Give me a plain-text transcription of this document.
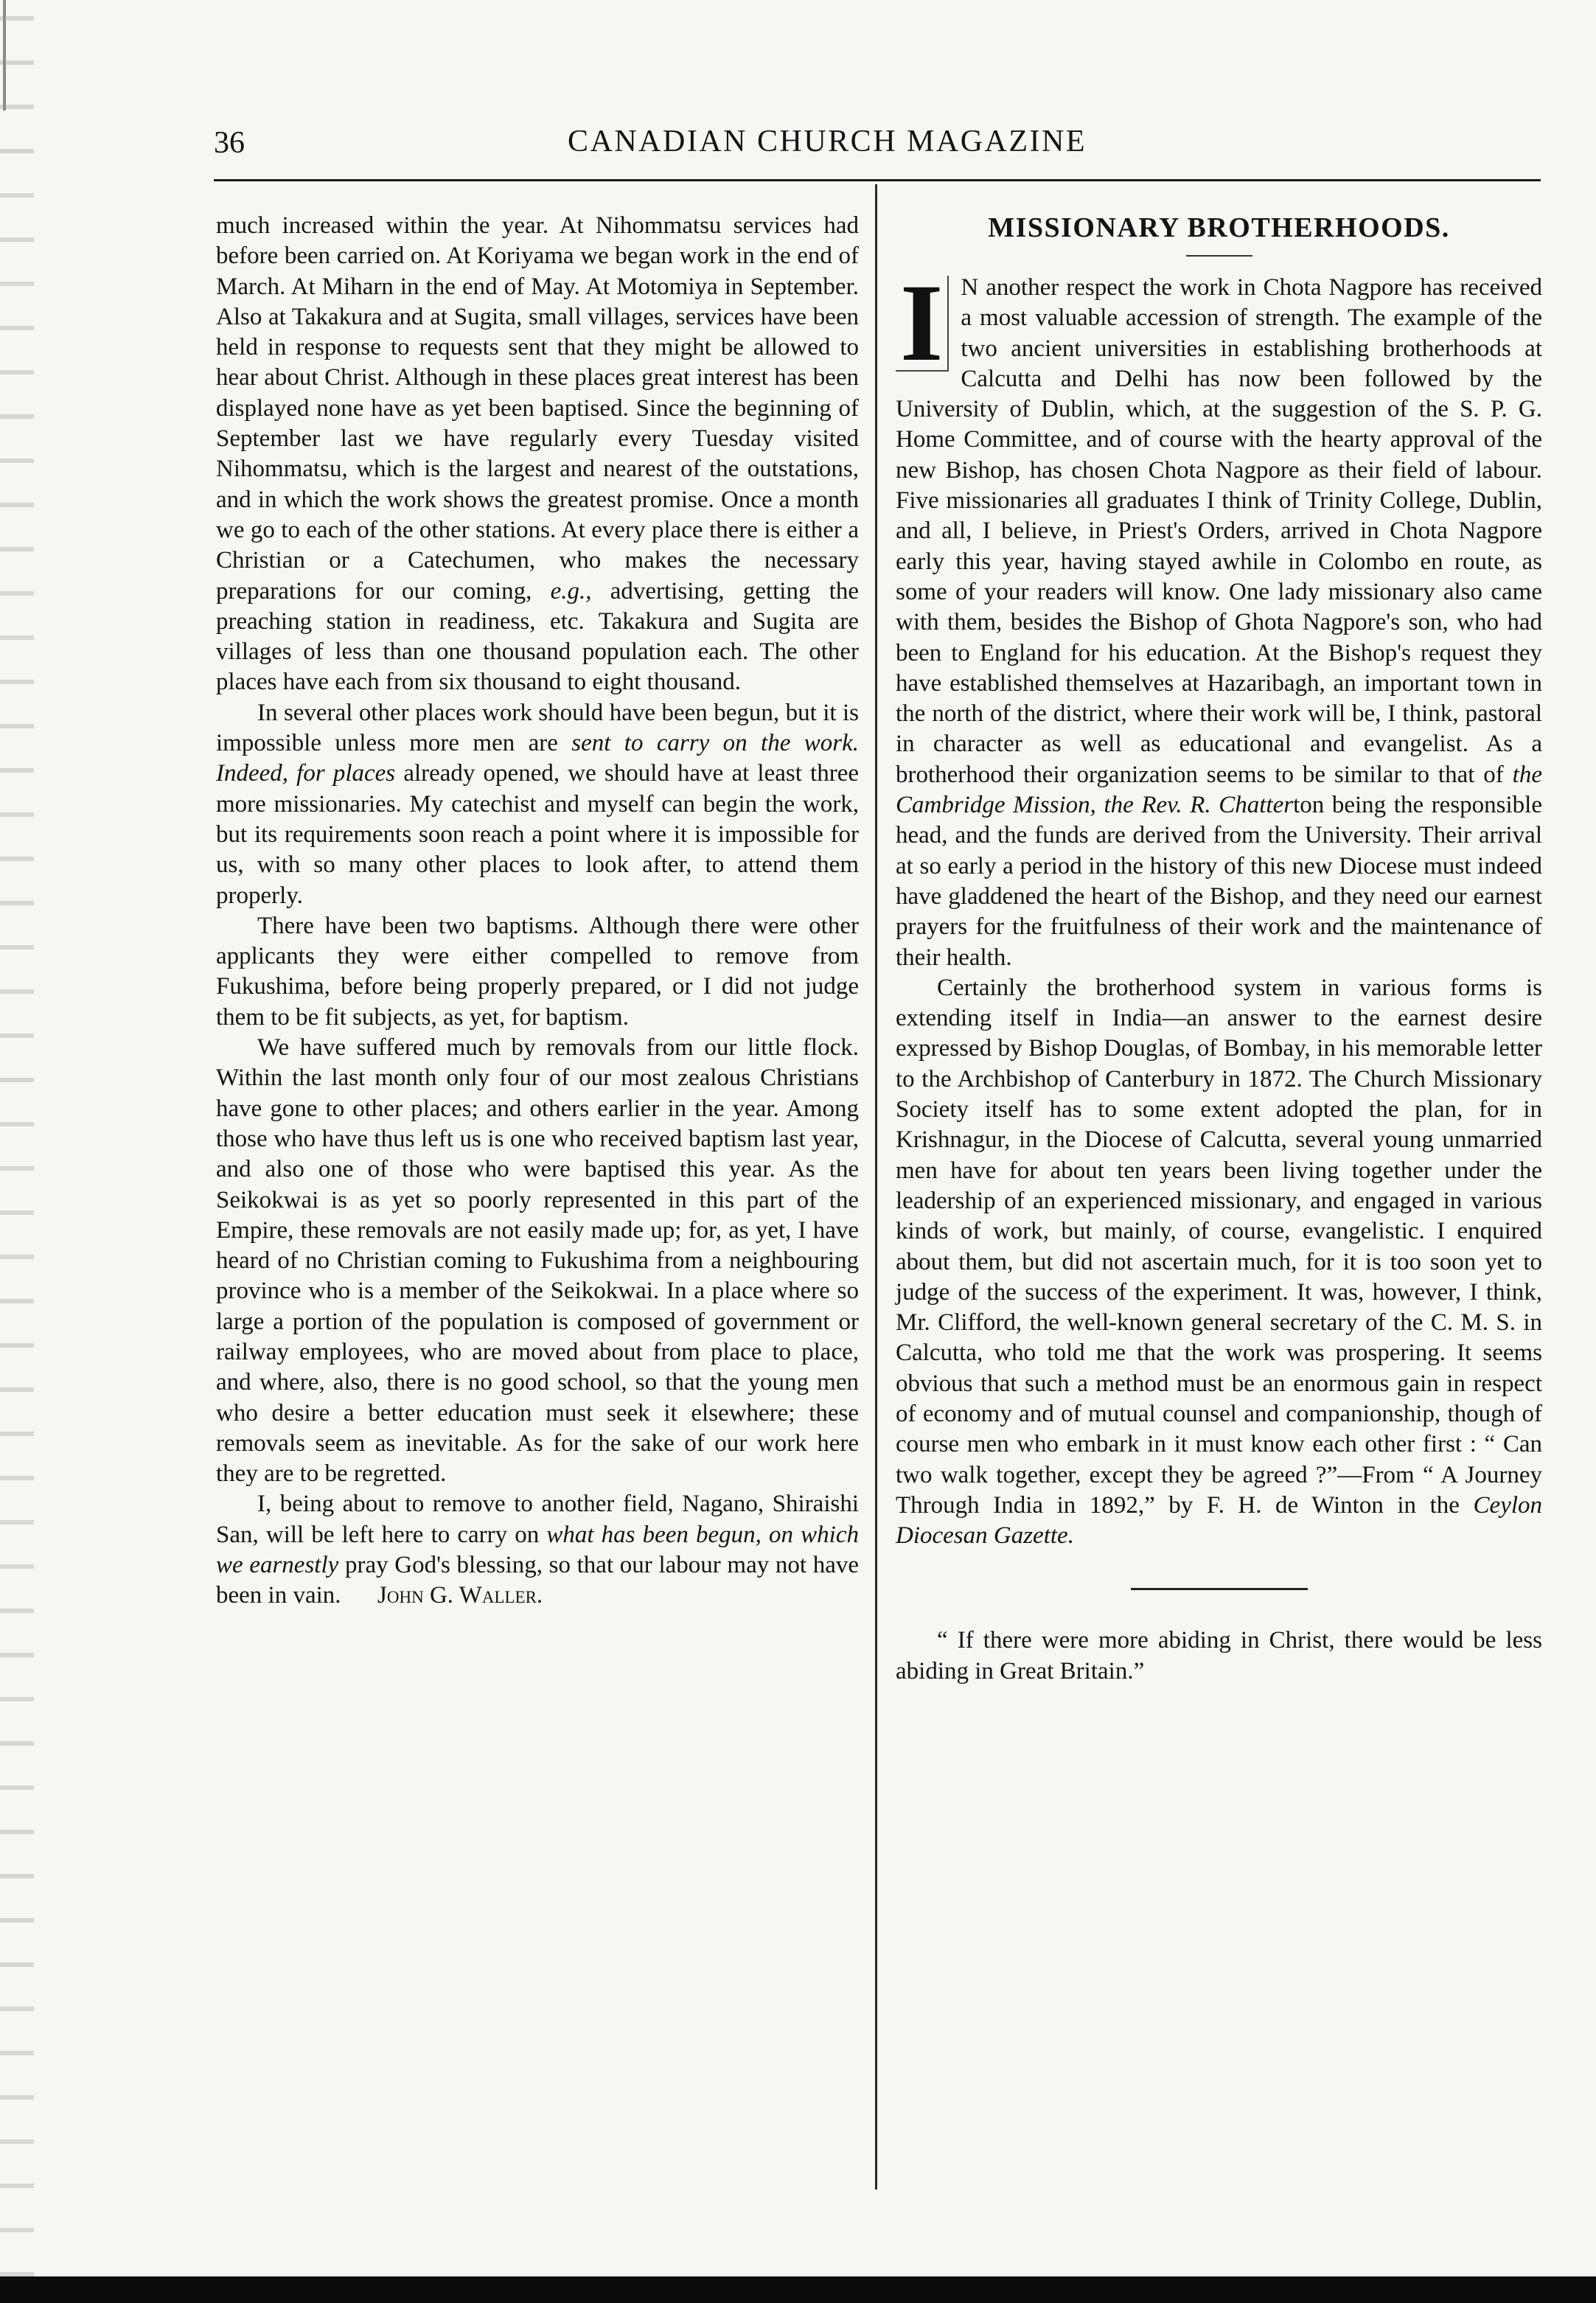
36	CANADIAN CHURCH MAGAZINE

much increased within the year. At Nihommatsu services had before been carried on. At Koriyama we began work in the end of March. At Miharn in the end of May. At Motomiya in September. Also at Takakura and at Sugita, small villages, services have been held in response to requests sent that they might be allowed to hear about Christ. Although in these places great interest has been displayed none have as yet been baptised. Since the beginning of September last we have regularly every Tuesday visited Nihommatsu, which is the largest and nearest of the outstations, and in which the work shows the greatest promise. Once a month we go to each of the other stations. At every place there is either a Christian or a Catechumen, who makes the necessary preparations for our coming, e.g., advertising, getting the preaching station in readiness, etc. Takakura and Sugita are villages of less than one thousand population each. The other places have each from six thousand to eight thousand.

In several other places work should have been begun, but it is impossible unless more men are sent to carry on the work. Indeed, for places already opened, we should have at least three more missionaries. My catechist and myself can begin the work, but its requirements soon reach a point where it is impossible for us, with so many other places to look after, to attend them properly.

There have been two baptisms. Although there were other applicants they were either compelled to remove from Fukushima, before being properly prepared, or I did not judge them to be fit subjects, as yet, for baptism.

We have suffered much by removals from our little flock. Within the last month only four of our most zealous Christians have gone to other places; and others earlier in the year. Among those who have thus left us is one who received baptism last year, and also one of those who were baptised this year. As the Seikokwai is as yet so poorly represented in this part of the Empire, these removals are not easily made up; for, as yet, I have heard of no Christian coming to Fukushima from a neighbouring province who is a member of the Seikokwai. In a place where so large a portion of the population is composed of government or railway employees, who are moved about from place to place, and where, also, there is no good school, so that the young men who desire a better education must seek it elsewhere; these removals seem as inevitable. As for the sake of our work here they are to be regretted.

I, being about to remove to another field, Nagano, Shiraishi San, will be left here to carry on what has been begun, on which we earnestly pray God's blessing, so that our labour may not have been in vain. John G. Waller.

MISSIONARY BROTHERHOODS.

I N another respect the work in Chota Nagpore has received a most valuable accession of strength. The example of the two ancient universities in establishing brotherhoods at Calcutta and Delhi has now been followed by the University of Dublin, which, at the suggestion of the S. P. G. Home Committee, and of course with the hearty approval of the new Bishop, has chosen Chota Nagpore as their field of labour. Five missionaries all graduates I think of Trinity College, Dublin, and all, I believe, in Priest's Orders, arrived in Chota Nagpore early this year, having stayed awhile in Colombo en route, as some of your readers will know. One lady missionary also came with them, besides the Bishop of Ghota Nagpore's son, who had been to England for his education. At the Bishop's request they have established themselves at Hazaribagh, an important town in the north of the district, where their work will be, I think, pastoral in character as well as educational and evangelist. As a brotherhood their organization seems to be similar to that of the Cambridge Mission, the Rev. R. Chatterton being the responsible head, and the funds are derived from the University. Their arrival at so early a period in the history of this new Diocese must indeed have gladdened the heart of the Bishop, and they need our earnest prayers for the fruitfulness of their work and the maintenance of their health.

Certainly the brotherhood system in various forms is extending itself in India—an answer to the earnest desire expressed by Bishop Douglas, of Bombay, in his memorable letter to the Archbishop of Canterbury in 1872. The Church Missionary Society itself has to some extent adopted the plan, for in Krishnagur, in the Diocese of Calcutta, several young unmarried men have for about ten years been living together under the leadership of an experienced missionary, and engaged in various kinds of work, but mainly, of course, evangelistic. I enquired about them, but did not ascertain much, for it is too soon yet to judge of the success of the experiment. It was, however, I think, Mr. Clifford, the well-known general secretary of the C. M. S. in Calcutta, who told me that the work was prospering. It seems obvious that such a method must be an enormous gain in respect of economy and of mutual counsel and companionship, though of course men who embark in it must know each other first : “ Can two walk together, except they be agreed ?”—From “ A Journey Through India in 1892,” by F. H. de Winton in the Ceylon Diocesan Gazette.

“ If there were more abiding in Christ, there would be less abiding in Great Britain.”
